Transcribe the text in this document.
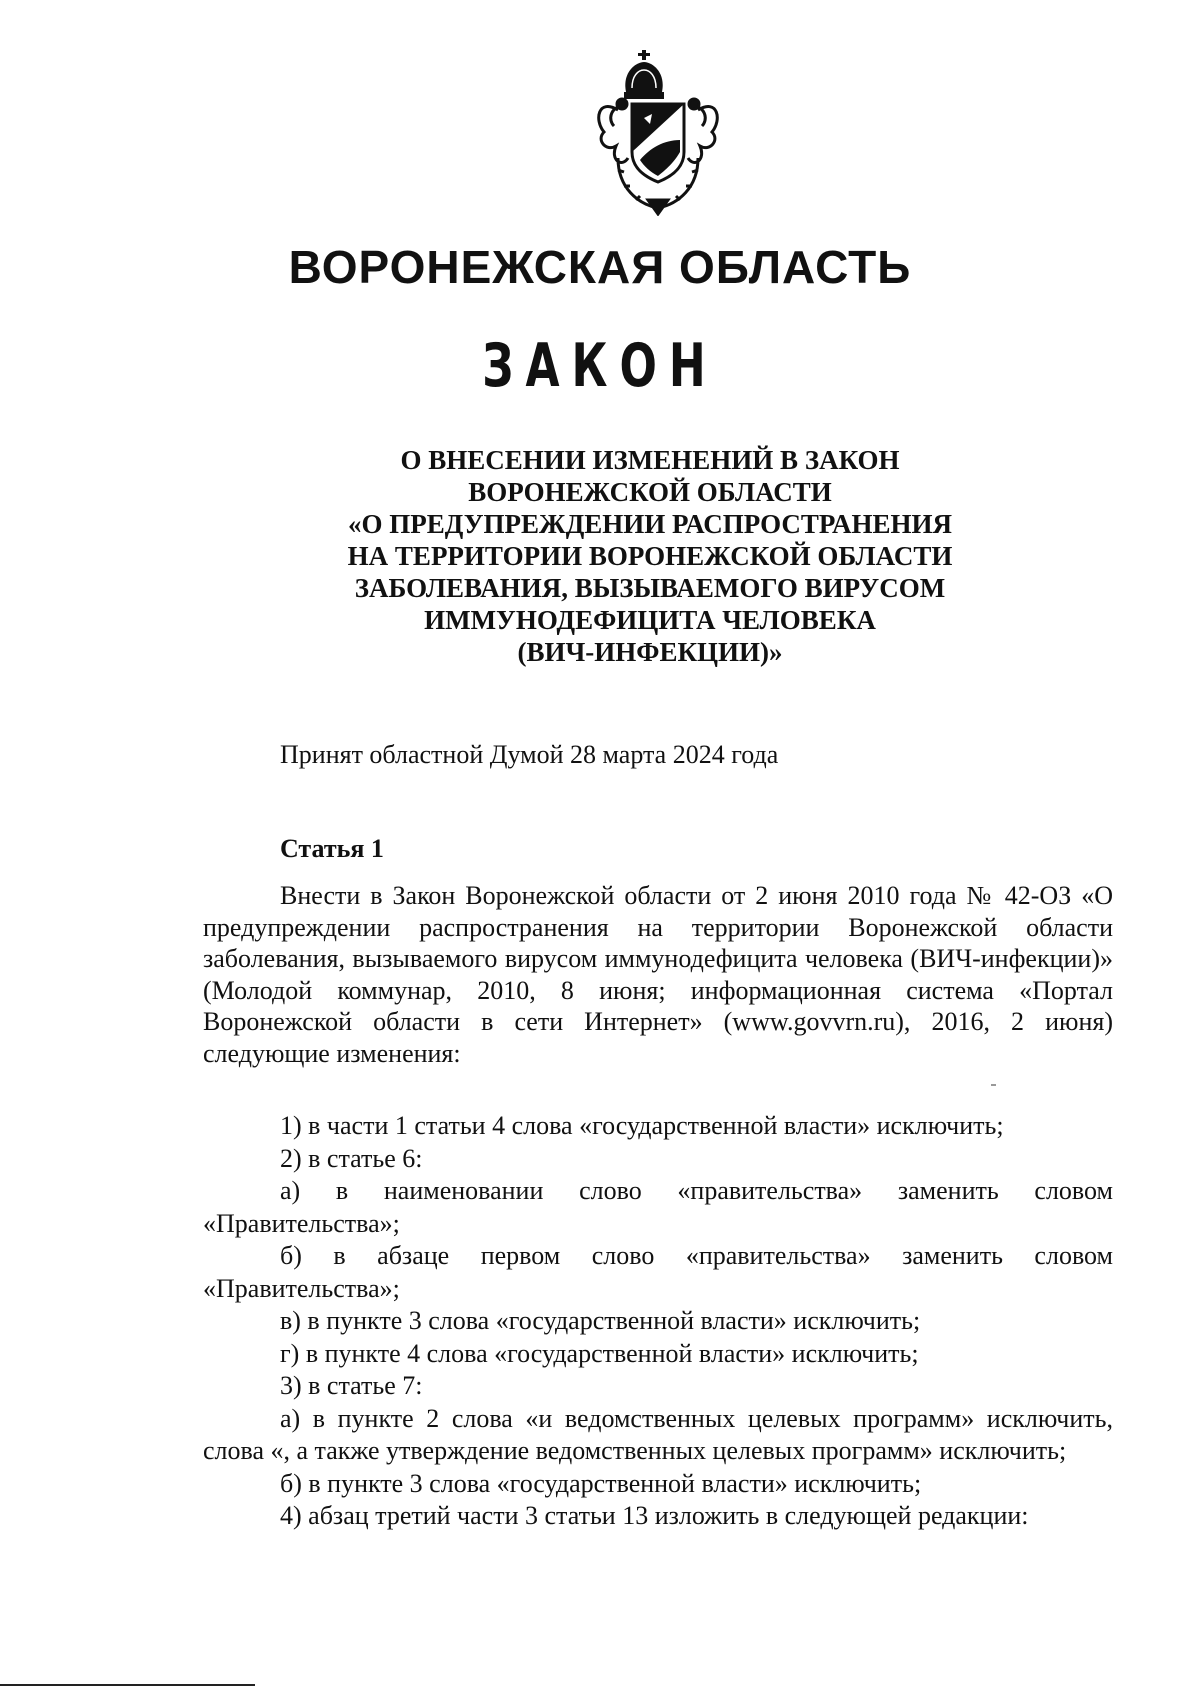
ВОРОНЕЖСКАЯ ОБЛАСТЬ
ЗАКОН
О ВНЕСЕНИИ ИЗМЕНЕНИЙ В ЗАКОН
ВОРОНЕЖСКОЙ ОБЛАСТИ
«О ПРЕДУПРЕЖДЕНИИ РАСПРОСТРАНЕНИЯ
НА ТЕРРИТОРИИ ВОРОНЕЖСКОЙ ОБЛАСТИ
ЗАБОЛЕВАНИЯ, ВЫЗЫВАЕМОГО ВИРУСОМ
ИММУНОДЕФИЦИТА ЧЕЛОВЕКА
(ВИЧ-ИНФЕКЦИИ)»

Принят областной Думой 28 марта 2024 года

Статья 1

Внести в Закон Воронежской области от 2 июня 2010 года № 42-ОЗ «О предупреждении распространения на территории Воронежской области заболевания, вызываемого вирусом иммунодефицита человека (ВИЧ-инфекции)» (Молодой коммунар, 2010, 8 июня; информационная система «Портал Воронежской области в сети Интернет» (www.govvrn.ru), 2016, 2 июня) следующие изменения:

1) в части 1 статьи 4 слова «государственной власти» исключить;

2) в статье 6:

а) в наименовании слово «правительства» заменить словом «Правительства»;

б) в абзаце первом слово «правительства» заменить словом «Правительства»;

в) в пункте 3 слова «государственной власти» исключить;

г) в пункте 4 слова «государственной власти» исключить;

3) в статье 7:

а) в пункте 2 слова «и ведомственных целевых программ» исключить, слова «, а также утверждение ведомственных целевых программ» исключить;

б) в пункте 3 слова «государственной власти» исключить;

4) абзац третий части 3 статьи 13 изложить в следующей редакции:
